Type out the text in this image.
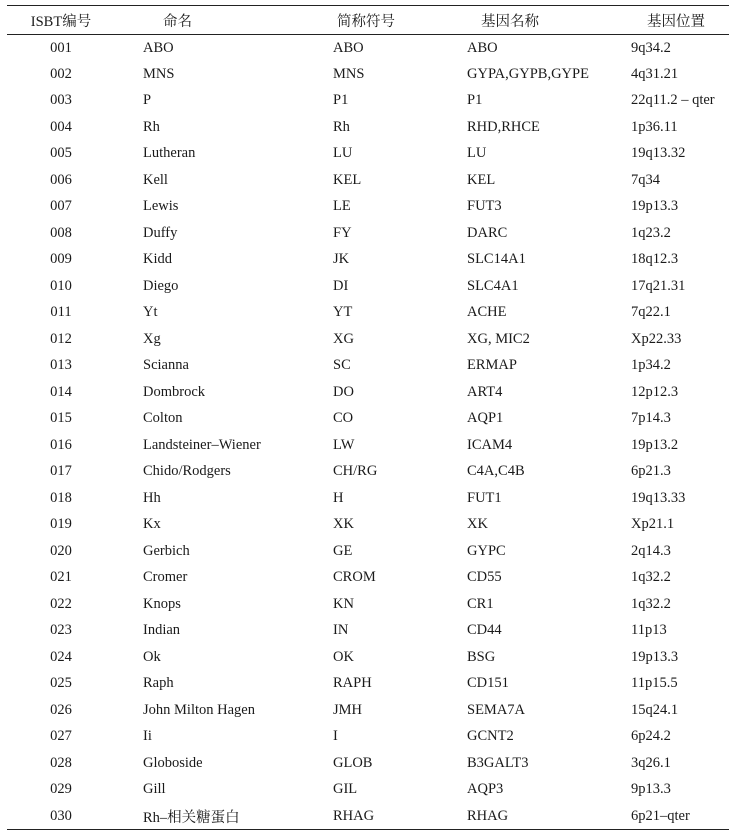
ISBT编号	命名	简称符号	基因名称	基因位置
001	ABO	ABO	ABO	9q34.2
002	MNS	MNS	GYPA,GYPB,GYPE	4q31.21
003	P	P1	P1	22q11.2 – qter
004	Rh	Rh	RHD,RHCE	1p36.11
005	Lutheran	LU	LU	19q13.32
006	Kell	KEL	KEL	7q34
007	Lewis	LE	FUT3	19p13.3
008	Duffy	FY	DARC	1q23.2
009	Kidd	JK	SLC14A1	18q12.3
010	Diego	DI	SLC4A1	17q21.31
011	Yt	YT	ACHE	7q22.1
012	Xg	XG	XG, MIC2	Xp22.33
013	Scianna	SC	ERMAP	1p34.2
014	Dombrock	DO	ART4	12p12.3
015	Colton	CO	AQP1	7p14.3
016	Landsteiner–Wiener	LW	ICAM4	19p13.2
017	Chido/Rodgers	CH/RG	C4A,C4B	6p21.3
018	Hh	H	FUT1	19q13.33
019	Kx	XK	XK	Xp21.1
020	Gerbich	GE	GYPC	2q14.3
021	Cromer	CROM	CD55	1q32.2
022	Knops	KN	CR1	1q32.2
023	Indian	IN	CD44	11p13
024	Ok	OK	BSG	19p13.3
025	Raph	RAPH	CD151	11p15.5
026	John Milton Hagen	JMH	SEMA7A	15q24.1
027	Ii	I	GCNT2	6p24.2
028	Globoside	GLOB	B3GALT3	3q26.1
029	Gill	GIL	AQP3	9p13.3
030	Rh–相关糖蛋白	RHAG	RHAG	6p21–qter
